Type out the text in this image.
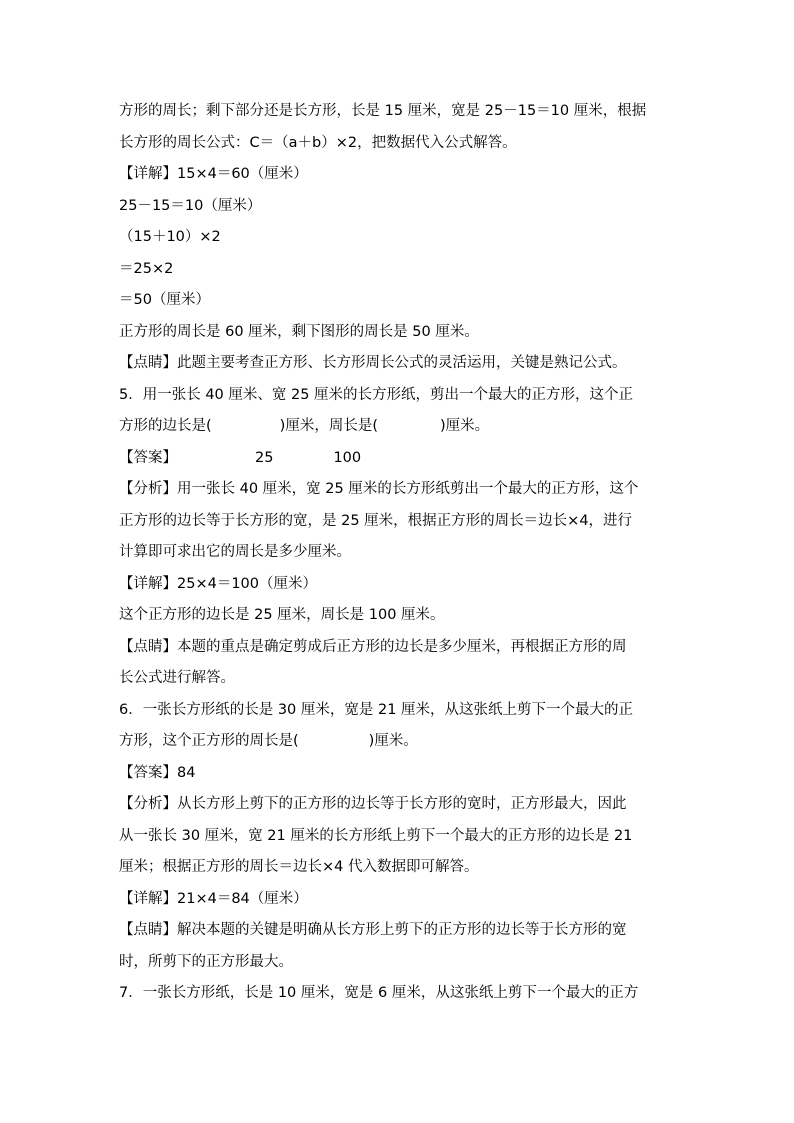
方形的周长；剩下部分还是长方形，长是 15 厘米，宽是 25－15＝10 厘米，根据
长方形的周长公式：C＝（a＋b）×2，把数据代入公式解答。
【详解】15×4＝60（厘米）
25－15＝10（厘米）
（15＋10）×2
＝25×2
＝50（厘米）
正方形的周长是 60 厘米，剩下图形的周长是 50 厘米。
【点睛】此题主要考查正方形、长方形周长公式的灵活运用，关键是熟记公式。
5．用一张长 40 厘米、宽 25 厘米的长方形纸，剪出一个最大的正方形，这个正
方形的边长是(	)厘米，周长是(	)厘米。
【答案】	25	100
【分析】用一张长 40 厘米，宽 25 厘米的长方形纸剪出一个最大的正方形，这个
正方形的边长等于长方形的宽，是 25 厘米，根据正方形的周长＝边长×4，进行
计算即可求出它的周长是多少厘米。
【详解】25×4＝100（厘米）
这个正方形的边长是 25 厘米，周长是 100 厘米。
【点睛】本题的重点是确定剪成后正方形的边长是多少厘米，再根据正方形的周
长公式进行解答。
6．一张长方形纸的长是 30 厘米，宽是 21 厘米，从这张纸上剪下一个最大的正
方形，这个正方形的周长是(	)厘米。
【答案】84
【分析】从长方形上剪下的正方形的边长等于长方形的宽时，正方形最大，因此
从一张长 30 厘米，宽 21 厘米的长方形纸上剪下一个最大的正方形的边长是 21
厘米；根据正方形的周长＝边长×4 代入数据即可解答。
【详解】21×4＝84（厘米）
【点睛】解决本题的关键是明确从长方形上剪下的正方形的边长等于长方形的宽
时，所剪下的正方形最大。
7．一张长方形纸，长是 10 厘米，宽是 6 厘米，从这张纸上剪下一个最大的正方
